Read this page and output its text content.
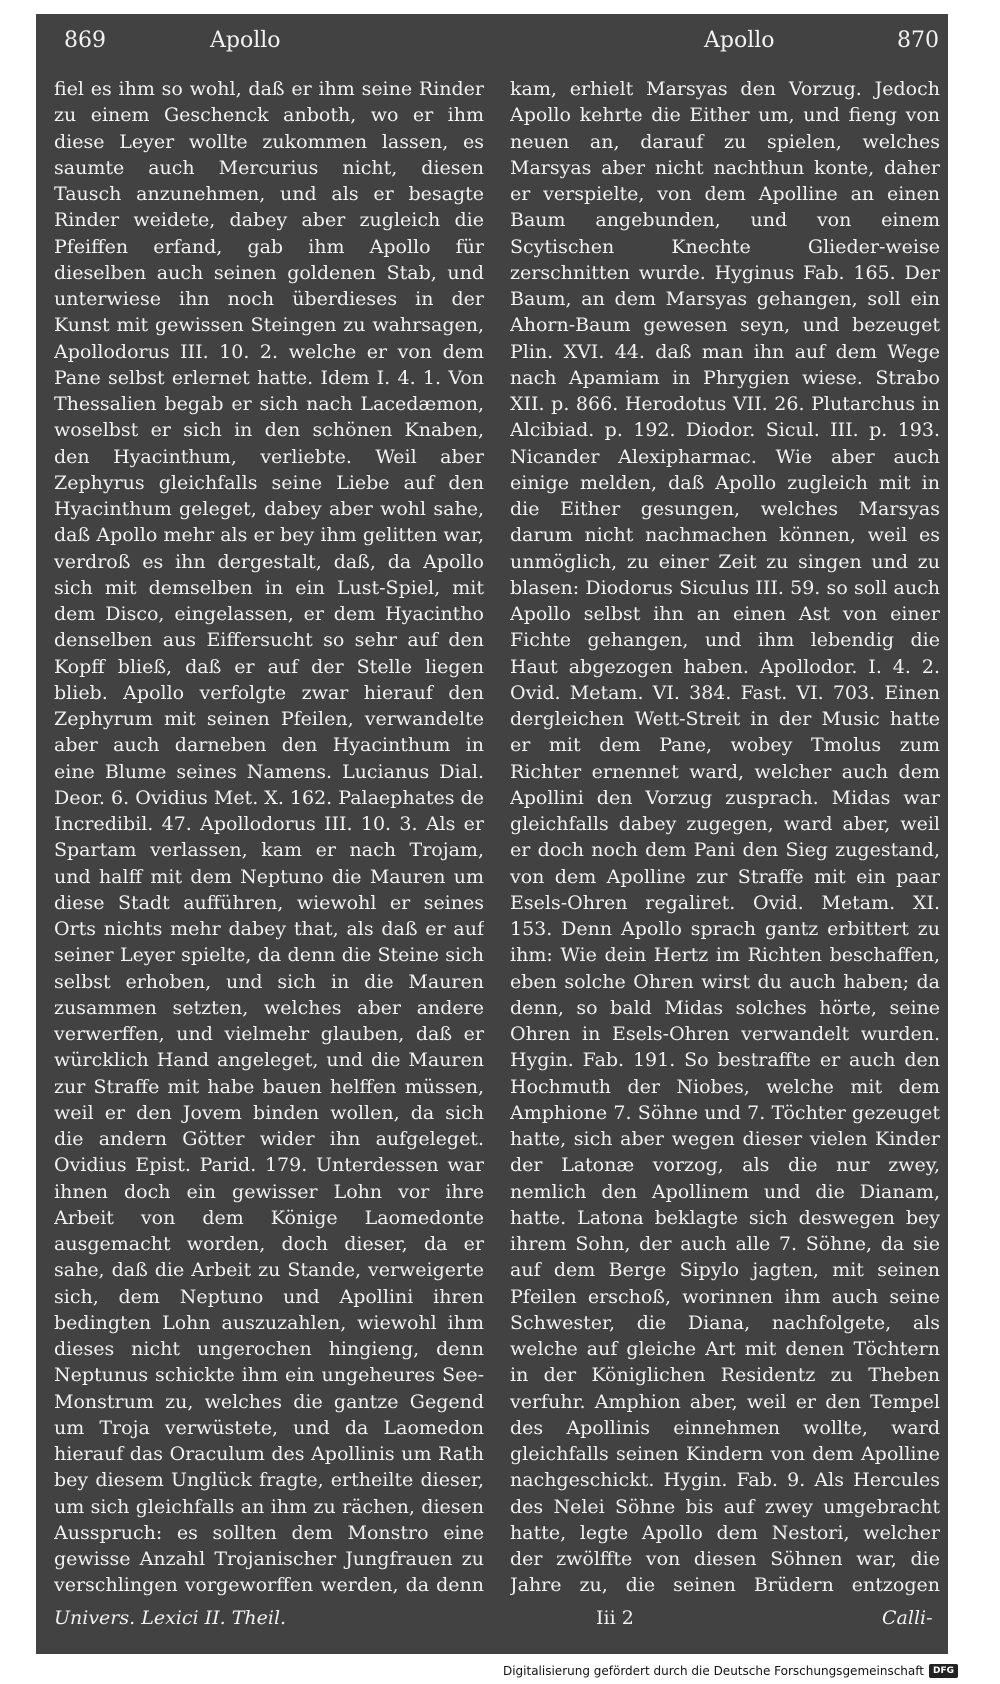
869	Apollo	Apollo	870
fiel es ihm so wohl, daß er ihm seine Rinder zu einem Geschenck anboth, wo er ihm diese Leyer wollte zukommen lassen, es saumte auch Mercurius nicht, diesen Tausch anzunehmen, und als er besagte Rinder weidete, dabey aber zugleich die Pfeiffen erfand, gab ihm Apollo für dieselben auch seinen goldenen Stab, und unterwiese ihn noch überdieses in der Kunst mit gewissen Steingen zu wahrsagen, Apollodorus III. 10. 2. welche er von dem Pane selbst erlernet hatte. Idem I. 4. 1. Von Thessalien begab er sich nach Lacedæmon, woselbst er sich in den schönen Knaben, den Hyacinthum, verliebte. Weil aber Zephyrus gleichfalls seine Liebe auf den Hyacinthum geleget, dabey aber wohl sahe, daß Apollo mehr als er bey ihm gelitten war, verdroß es ihn dergestalt, daß, da Apollo sich mit demselben in ein Lust-Spiel, mit dem Disco, eingelassen, er dem Hyacintho denselben aus Eiffersucht so sehr auf den Kopff bließ, daß er auf der Stelle liegen blieb. Apollo verfolgte zwar hierauf den Zephyrum mit seinen Pfeilen, verwandelte aber auch darneben den Hyacinthum in eine Blume seines Namens. Lucianus Dial. Deor. 6. Ovidius Met. X. 162. Palaephates de Incredibil. 47. Apollodorus III. 10. 3. Als er Spartam verlassen, kam er nach Trojam, und halff mit dem Neptuno die Mauren um diese Stadt aufführen, wiewohl er seines Orts nichts mehr dabey that, als daß er auf seiner Leyer spielte, da denn die Steine sich selbst erhoben, und sich in die Mauren zusammen setzten, welches aber andere verwerffen, und vielmehr glauben, daß er würcklich Hand angeleget, und die Mauren zur Straffe mit habe bauen helffen müssen, weil er den Jovem binden wollen, da sich die andern Götter wider ihn aufgeleget. Ovidius Epist. Parid. 179. Unterdessen war ihnen doch ein gewisser Lohn vor ihre Arbeit von dem Könige Laomedonte ausgemacht worden, doch dieser, da er sahe, daß die Arbeit zu Stande, verweigerte sich, dem Neptuno und Apollini ihren bedingten Lohn auszuzahlen, wiewohl ihm dieses nicht ungerochen hingieng, denn Neptunus schickte ihm ein ungeheures See-Monstrum zu, welches die gantze Gegend um Troja verwüstete, und da Laomedon hierauf das Oraculum des Apollinis um Rath bey diesem Unglück fragte, ertheilte dieser, um sich gleichfalls an ihm zu rächen, diesen Ausspruch: es sollten dem Monstro eine gewisse Anzahl Trojanischer Jungfrauen zu verschlingen vorgeworffen werden, da denn
kam, erhielt Marsyas den Vorzug. Jedoch Apollo kehrte die Either um, und fieng von neuen an, darauf zu spielen, welches Marsyas aber nicht nachthun konte, daher er verspielte, von dem Apolline an einen Baum angebunden, und von einem Scytischen Knechte Glieder-weise zerschnitten wurde. Hyginus Fab. 165. Der Baum, an dem Marsyas gehangen, soll ein Ahorn-Baum gewesen seyn, und bezeuget Plin. XVI. 44. daß man ihn auf dem Wege nach Apamiam in Phrygien wiese. Strabo XII. p. 866. Herodotus VII. 26. Plutarchus in Alcibiad. p. 192. Diodor. Sicul. III. p. 193. Nicander Alexipharmac. Wie aber auch einige melden, daß Apollo zugleich mit in die Either gesungen, welches Marsyas darum nicht nachmachen können, weil es unmöglich, zu einer Zeit zu singen und zu blasen: Diodorus Siculus III. 59. so soll auch Apollo selbst ihn an einen Ast von einer Fichte gehangen, und ihm lebendig die Haut abgezogen haben. Apollodor. I. 4. 2. Ovid. Metam. VI. 384. Fast. VI. 703. Einen dergleichen Wett-Streit in der Music hatte er mit dem Pane, wobey Tmolus zum Richter ernennet ward, welcher auch dem Apollini den Vorzug zusprach. Midas war gleichfalls dabey zugegen, ward aber, weil er doch noch dem Pani den Sieg zugestand, von dem Apolline zur Straffe mit ein paar Esels-Ohren regaliret. Ovid. Metam. XI. 153. Denn Apollo sprach gantz erbittert zu ihm: Wie dein Hertz im Richten beschaffen, eben solche Ohren wirst du auch haben; da denn, so bald Midas solches hörte, seine Ohren in Esels-Ohren verwandelt wurden. Hygin. Fab. 191. So bestraffte er auch den Hochmuth der Niobes, welche mit dem Amphione 7. Söhne und 7. Töchter gezeuget hatte, sich aber wegen dieser vielen Kinder der Latonæ vorzog, als die nur zwey, nemlich den Apollinem und die Dianam, hatte. Latona beklagte sich deswegen bey ihrem Sohn, der auch alle 7. Söhne, da sie auf dem Berge Sipylo jagten, mit seinen Pfeilen erschoß, worinnen ihm auch seine Schwester, die Diana, nachfolgete, als welche auf gleiche Art mit denen Töchtern in der Königlichen Residentz zu Theben verfuhr. Amphion aber, weil er den Tempel des Apollinis einnehmen wollte, ward gleichfalls seinen Kindern von dem Apolline nachgeschickt. Hygin. Fab. 9. Als Hercules des Nelei Söhne bis auf zwey umgebracht hatte, legte Apollo dem Nestori, welcher der zwölffte von diesen Söhnen war, die Jahre zu, die seinen Brüdern entzogen
Univers. Lexici II. Theil.	Iii 2	Calli-
Digitalisierung gefördert durch die Deutsche Forschungsgemeinschaft	DFG
